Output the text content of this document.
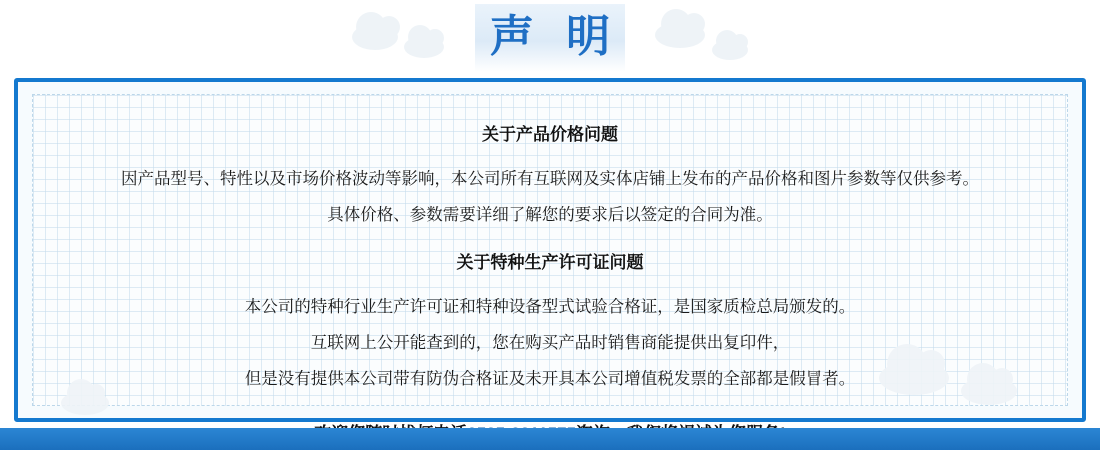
声 明
关于产品价格问题

因产品型号、特性以及市场价格波动等影响，本公司所有互联网及实体店铺上发布的产品价格和图片参数等仅供参考。

具体价格、参数需要详细了解您的要求后以签定的合同为准。

关于特种生产许可证问题

本公司的特种行业生产许可证和特种设备型式试验合格证，是国家质检总局颁发的。

互联网上公开能查到的，您在购买产品时销售商能提供出复印件，

但是没有提供本公司带有防伪合格证及未开具本公司增值税发票的全部都是假冒者。
